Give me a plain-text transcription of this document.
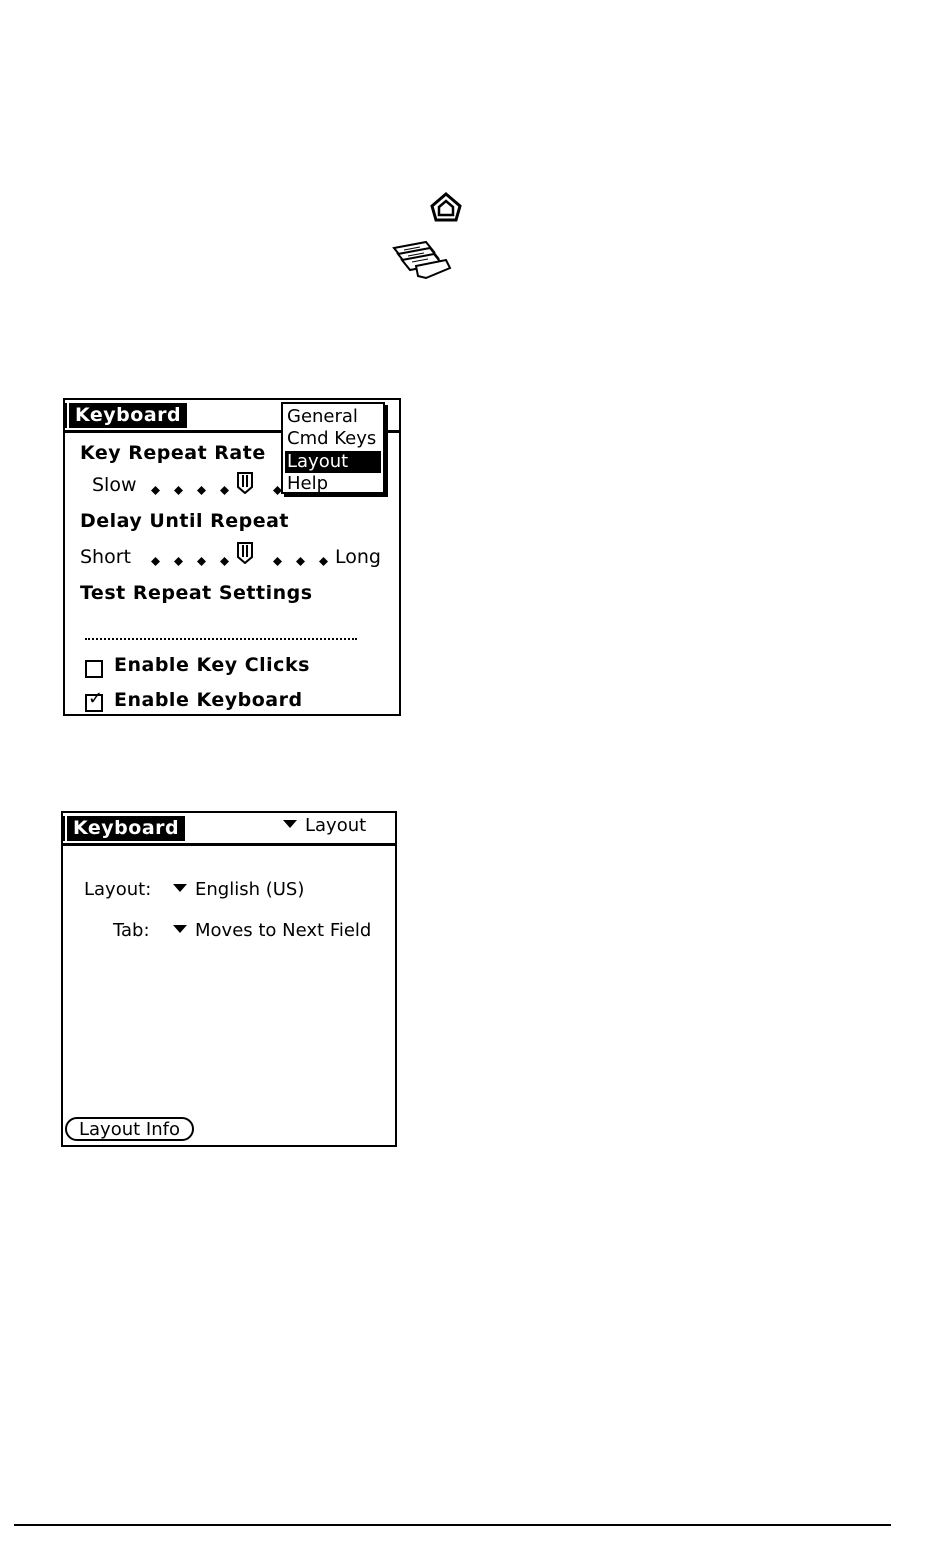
Keyboard
Key Repeat Rate
Slow
Delay Until Repeat
Short	Long
Test Repeat Settings
Enable Key Clicks
✓ Enable Keyboard
General
Cmd Keys
Layout
Help
Keyboard	Layout
Layout:	English (US)
Tab:	Moves to Next Field
Layout Info
